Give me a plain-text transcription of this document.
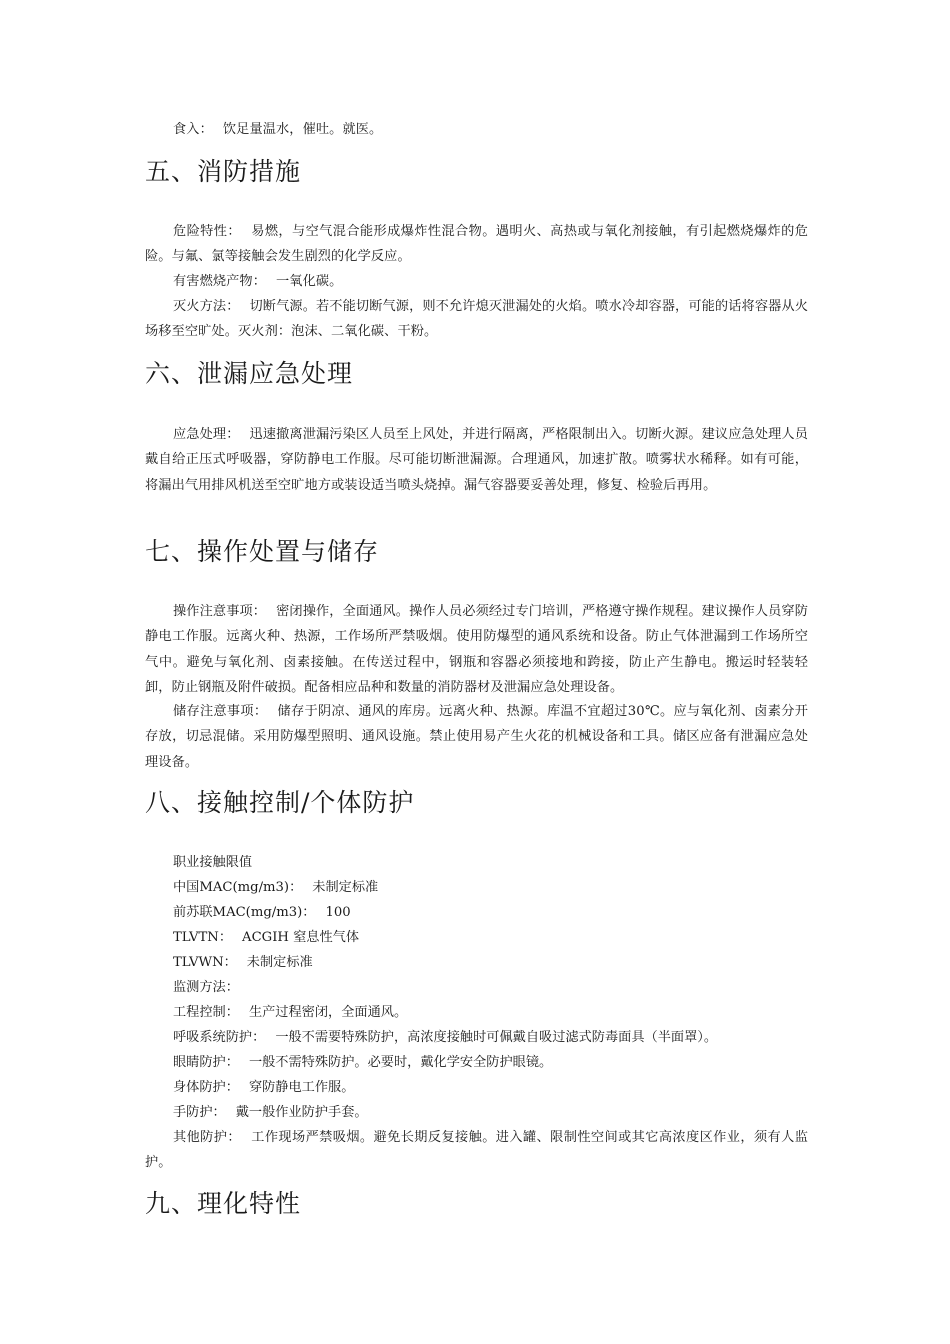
食入： 饮足量温水，催吐。就医。

五、消防措施

危险特性： 易燃，与空气混合能形成爆炸性混合物。遇明火、高热或与氧化剂接触，有引起燃烧爆炸的危险。与氟、氯等接触会发生剧烈的化学反应。

有害燃烧产物： 一氧化碳。

灭火方法： 切断气源。若不能切断气源，则不允许熄灭泄漏处的火焰。喷水冷却容器，可能的话将容器从火场移至空旷处。灭火剂：泡沫、二氧化碳、干粉。

六、泄漏应急处理

应急处理： 迅速撤离泄漏污染区人员至上风处，并进行隔离，严格限制出入。切断火源。建议应急处理人员戴自给正压式呼吸器，穿防静电工作服。尽可能切断泄漏源。合理通风，加速扩散。喷雾状水稀释。如有可能，将漏出气用排风机送至空旷地方或装设适当喷头烧掉。漏气容器要妥善处理，修复、检验后再用。

七、操作处置与储存

操作注意事项： 密闭操作，全面通风。操作人员必须经过专门培训，严格遵守操作规程。建议操作人员穿防静电工作服。远离火种、热源，工作场所严禁吸烟。使用防爆型的通风系统和设备。防止气体泄漏到工作场所空气中。避免与氧化剂、卤素接触。在传送过程中，钢瓶和容器必须接地和跨接，防止产生静电。搬运时轻装轻卸，防止钢瓶及附件破损。配备相应品种和数量的消防器材及泄漏应急处理设备。

储存注意事项： 储存于阴凉、通风的库房。远离火种、热源。库温不宜超过30℃。应与氧化剂、卤素分开存放，切忌混储。采用防爆型照明、通风设施。禁止使用易产生火花的机械设备和工具。储区应备有泄漏应急处理设备。

八、接触控制/个体防护

职业接触限值

中国MAC(mg/m3)： 未制定标准

前苏联MAC(mg/m3)： 100

TLVTN： ACGIH 窒息性气体

TLVWN： 未制定标准

监测方法：

工程控制： 生产过程密闭，全面通风。

呼吸系统防护： 一般不需要特殊防护，高浓度接触时可佩戴自吸过滤式防毒面具（半面罩）。

眼睛防护： 一般不需特殊防护。必要时，戴化学安全防护眼镜。

身体防护： 穿防静电工作服。

手防护： 戴一般作业防护手套。

其他防护： 工作现场严禁吸烟。避免长期反复接触。进入罐、限制性空间或其它高浓度区作业，须有人监护。

九、理化特性
